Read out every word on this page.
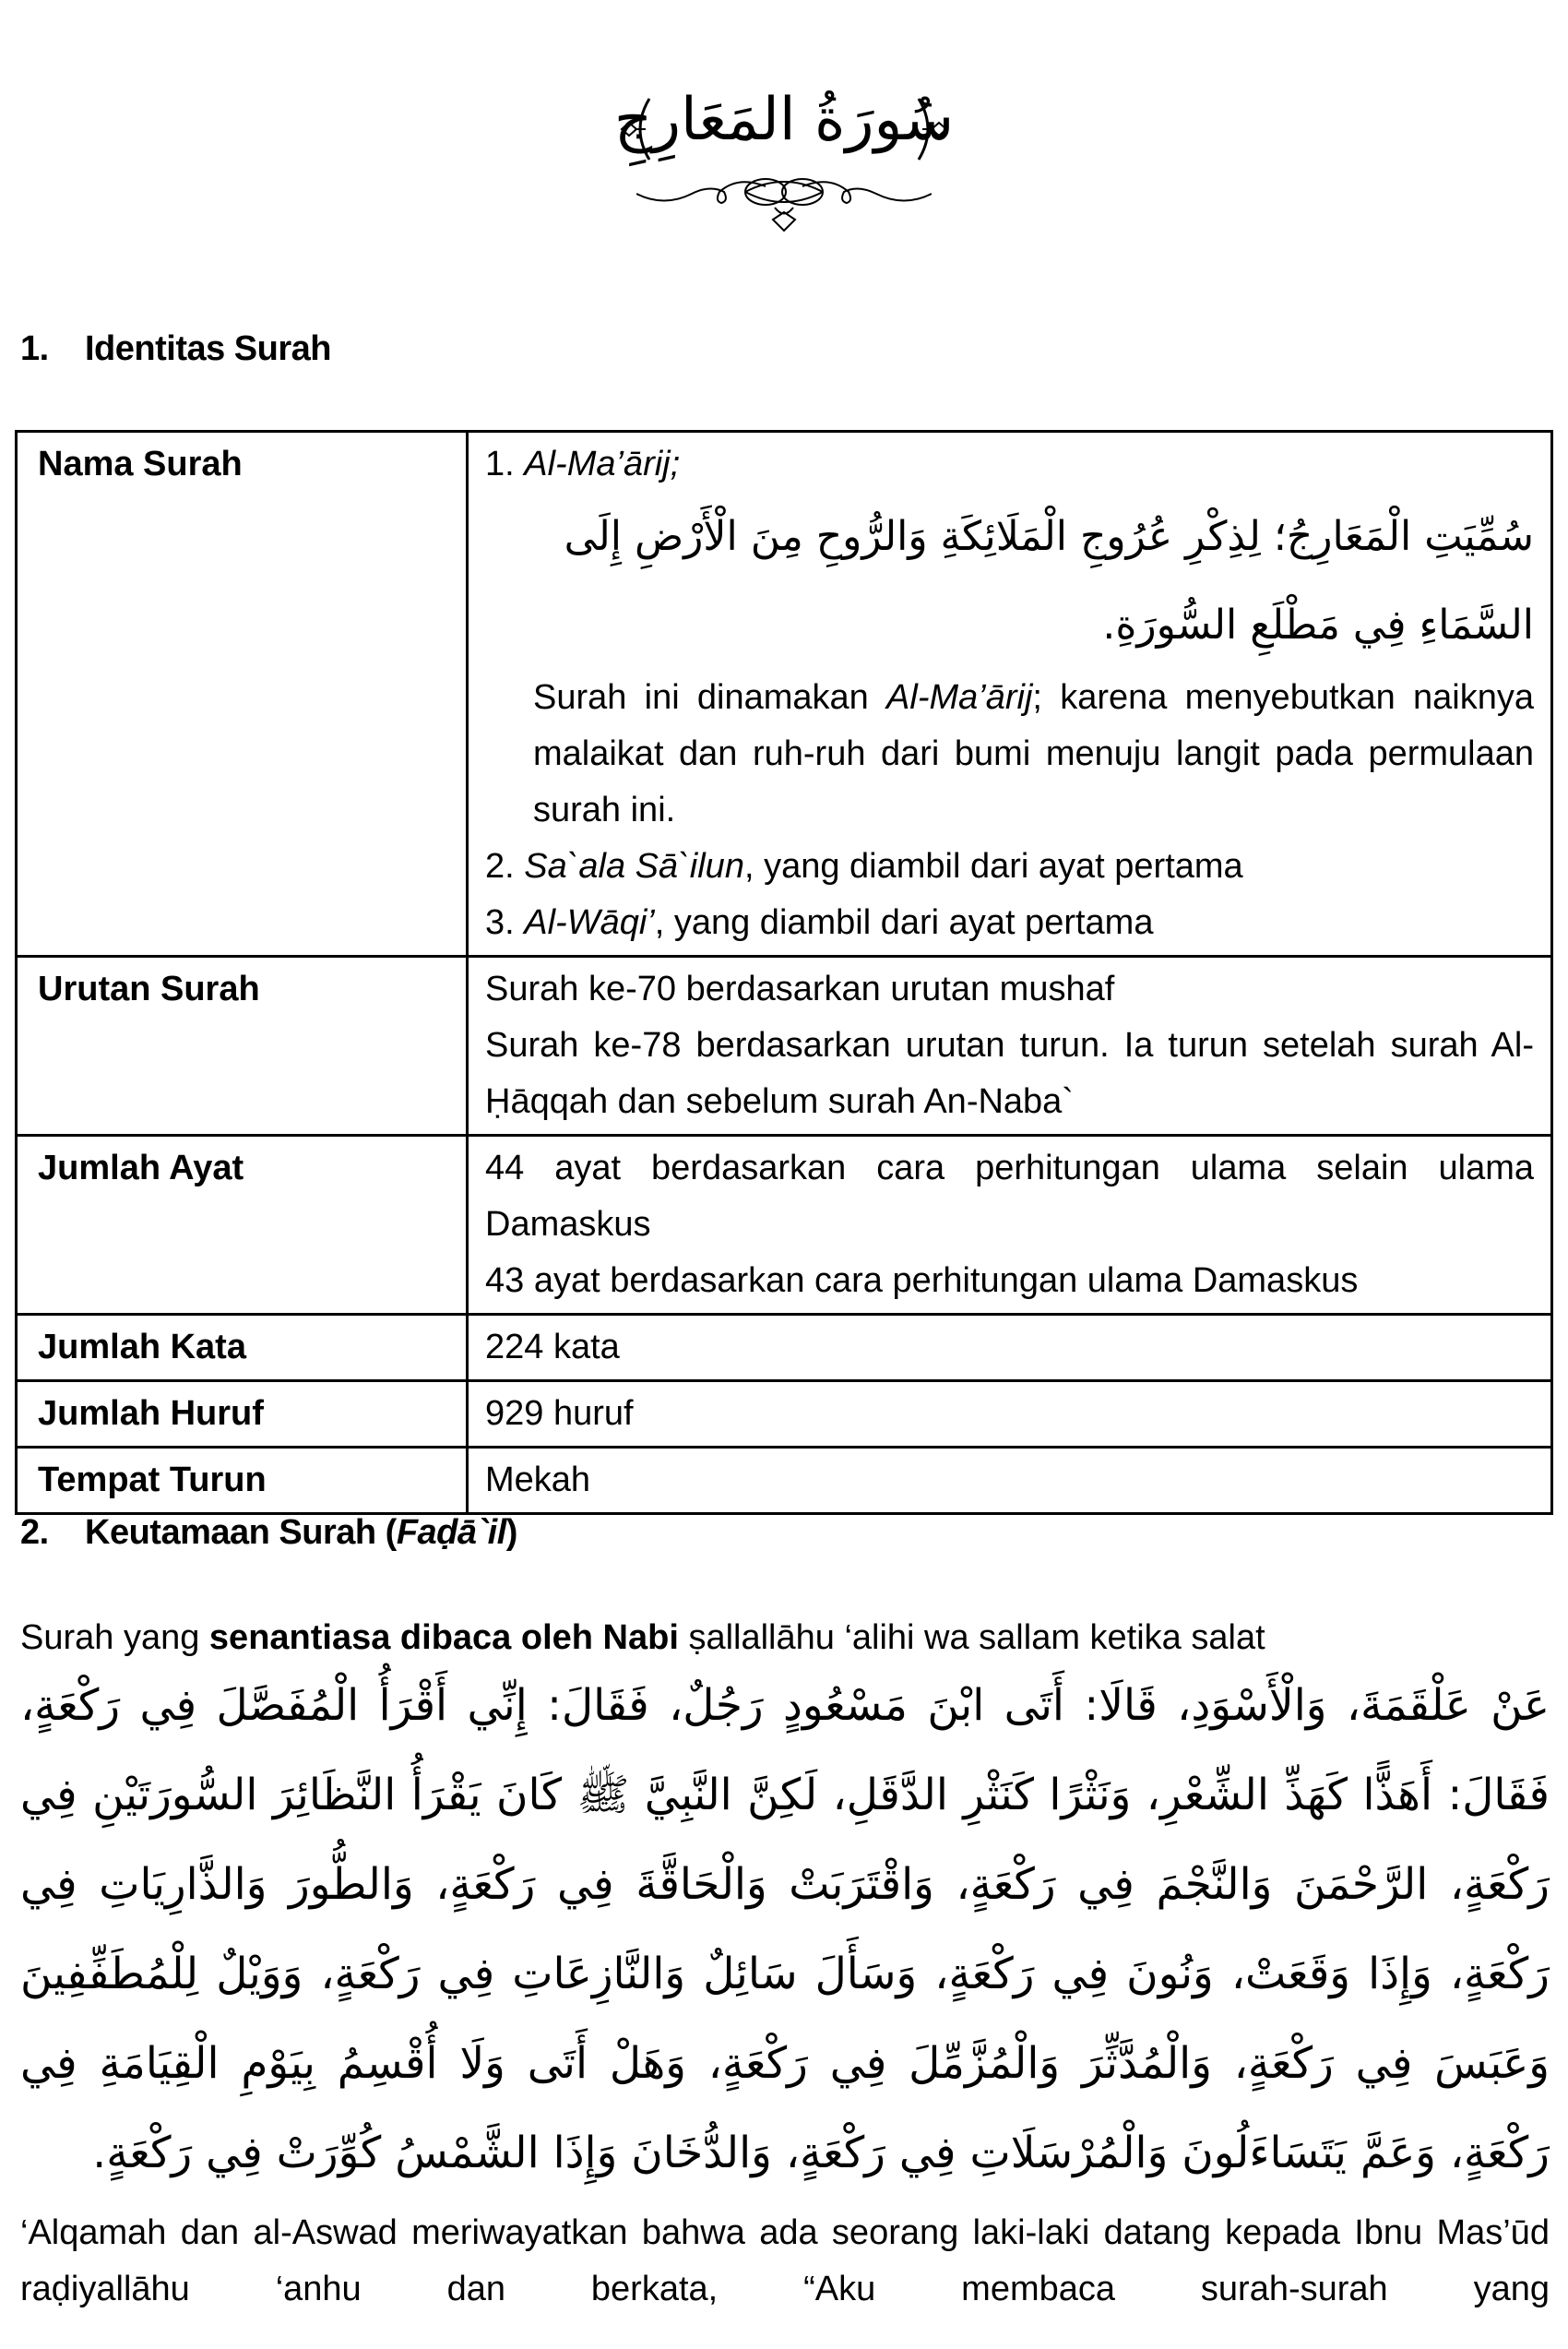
سُورَةُ المَعَارِجِ
1. Identitas Surah
Nama Surah	1. Al-Ma’ārij;
سُمِّيَتِ الْمَعَارِجُ؛ لِذِكْرِ عُرُوجِ الْمَلَائِكَةِ وَالرُّوحِ مِنَ الْأَرْضِ إِلَى السَّمَاءِ فِي مَطْلَعِ السُّورَةِ.
Surah ini dinamakan Al-Ma’ārij; karena menyebutkan naiknya malaikat dan ruh-ruh dari bumi menuju langit pada permulaan surah ini.
2. Sa`ala Sā`ilun, yang diambil dari ayat pertama
3. Al-Wāqi’, yang diambil dari ayat pertama

Urutan Surah	Surah ke-70 berdasarkan urutan mushaf
Surah ke-78 berdasarkan urutan turun. Ia turun setelah surah Al-Ḥāqqah dan sebelum surah An-Naba`

Jumlah Ayat	44 ayat berdasarkan cara perhitungan ulama selain ulama Damaskus
43 ayat berdasarkan cara perhitungan ulama Damaskus

Jumlah Kata	224 kata
Jumlah Huruf	929 huruf
Tempat Turun	Mekah
2. Keutamaan Surah (Faḍā`il)
Surah yang senantiasa dibaca oleh Nabi ṣallallāhu ‘alihi wa sallam ketika salat
عَنْ عَلْقَمَةَ، وَالْأَسْوَدِ، قَالَا: أَتَى ابْنَ مَسْعُودٍ رَجُلٌ، فَقَالَ: إِنِّي أَقْرَأُ الْمُفَصَّلَ فِي رَكْعَةٍ، فَقَالَ: أَهَذًّا كَهَذِّ الشِّعْرِ، وَنَثْرًا كَنَثْرِ الدَّقَلِ، لَكِنَّ النَّبِيَّ ﷺ كَانَ يَقْرَأُ النَّظَائِرَ السُّورَتَيْنِ فِي رَكْعَةٍ، الرَّحْمَنَ وَالنَّجْمَ فِي رَكْعَةٍ، وَاقْتَرَبَتْ وَالْحَاقَّةَ فِي رَكْعَةٍ، وَالطُّورَ وَالذَّارِيَاتِ فِي رَكْعَةٍ، وَإِذَا وَقَعَتْ، وَنُونَ فِي رَكْعَةٍ، وَسَأَلَ سَائِلٌ وَالنَّازِعَاتِ فِي رَكْعَةٍ، وَوَيْلٌ لِلْمُطَفِّفِينَ وَعَبَسَ فِي رَكْعَةٍ، وَالْمُدَّثِّرَ وَالْمُزَّمِّلَ فِي رَكْعَةٍ، وَهَلْ أَتَى وَلَا أُقْسِمُ بِيَوْمِ الْقِيَامَةِ فِي رَكْعَةٍ، وَعَمَّ يَتَسَاءَلُونَ وَالْمُرْسَلَاتِ فِي رَكْعَةٍ، وَالدُّخَانَ وَإِذَا الشَّمْسُ كُوِّرَتْ فِي رَكْعَةٍ.
‘Alqamah dan al-Aswad meriwayatkan bahwa ada seorang laki-laki datang kepada Ibnu Mas’ūd raḍiyallāhu ‘anhu dan berkata, “Aku membaca surah-surah yang
